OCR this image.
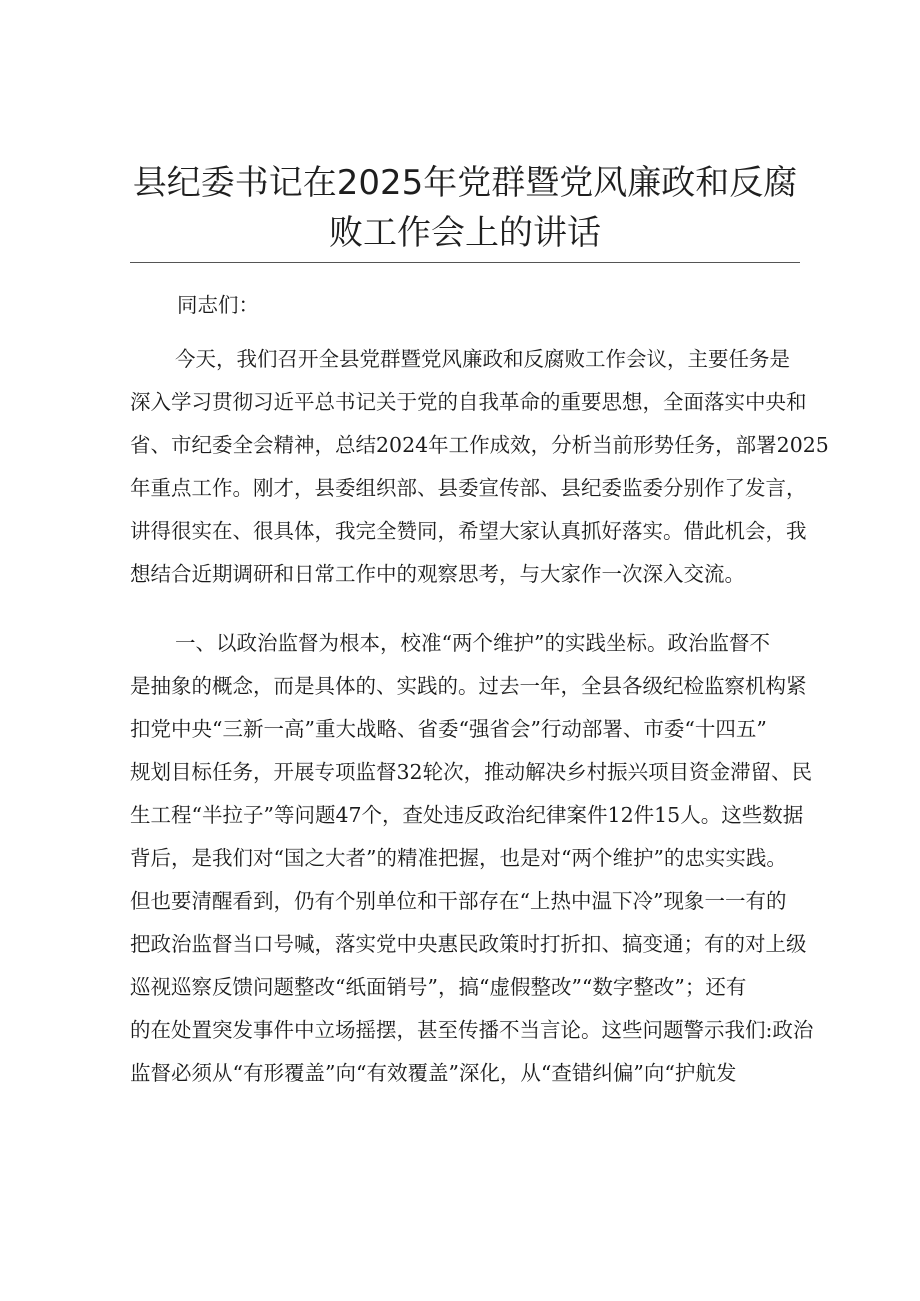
县纪委书记在2025年党群暨党风廉政和反腐
败工作会上的讲话
同志们：
今天，我们召开全县党群暨党风廉政和反腐败工作会议，主要任务是
深入学习贯彻习近平总书记关于党的自我革命的重要思想，全面落实中央和
省、市纪委全会精神，总结2024年工作成效，分析当前形势任务，部署2025
年重点工作。刚才，县委组织部、县委宣传部、县纪委监委分别作了发言，
讲得很实在、很具体，我完全赞同，希望大家认真抓好落实。借此机会，我
想结合近期调研和日常工作中的观察思考，与大家作一次深入交流。
一、以政治监督为根本，校准“两个维护”的实践坐标。政治监督不
是抽象的概念，而是具体的、实践的。过去一年，全县各级纪检监察机构紧
扣党中央“三新一高”重大战略、省委“强省会”行动部署、市委“十四五”
规划目标任务，开展专项监督32轮次，推动解决乡村振兴项目资金滞留、民
生工程“半拉子”等问题47个，查处违反政治纪律案件12件15人。这些数据
背后，是我们对“国之大者”的精准把握，也是对“两个维护”的忠实实践。
但也要清醒看到，仍有个别单位和干部存在“上热中温下冷”现象一一有的
把政治监督当口号喊，落实党中央惠民政策时打折扣、搞变通；有的对上级
巡视巡察反馈问题整改“纸面销号”，搞“虚假整改”“数字整改”；还有
的在处置突发事件中立场摇摆，甚至传播不当言论。这些问题警示我们:政治
监督必须从“有形覆盖”向“有效覆盖”深化，从“查错纠偏”向“护航发
